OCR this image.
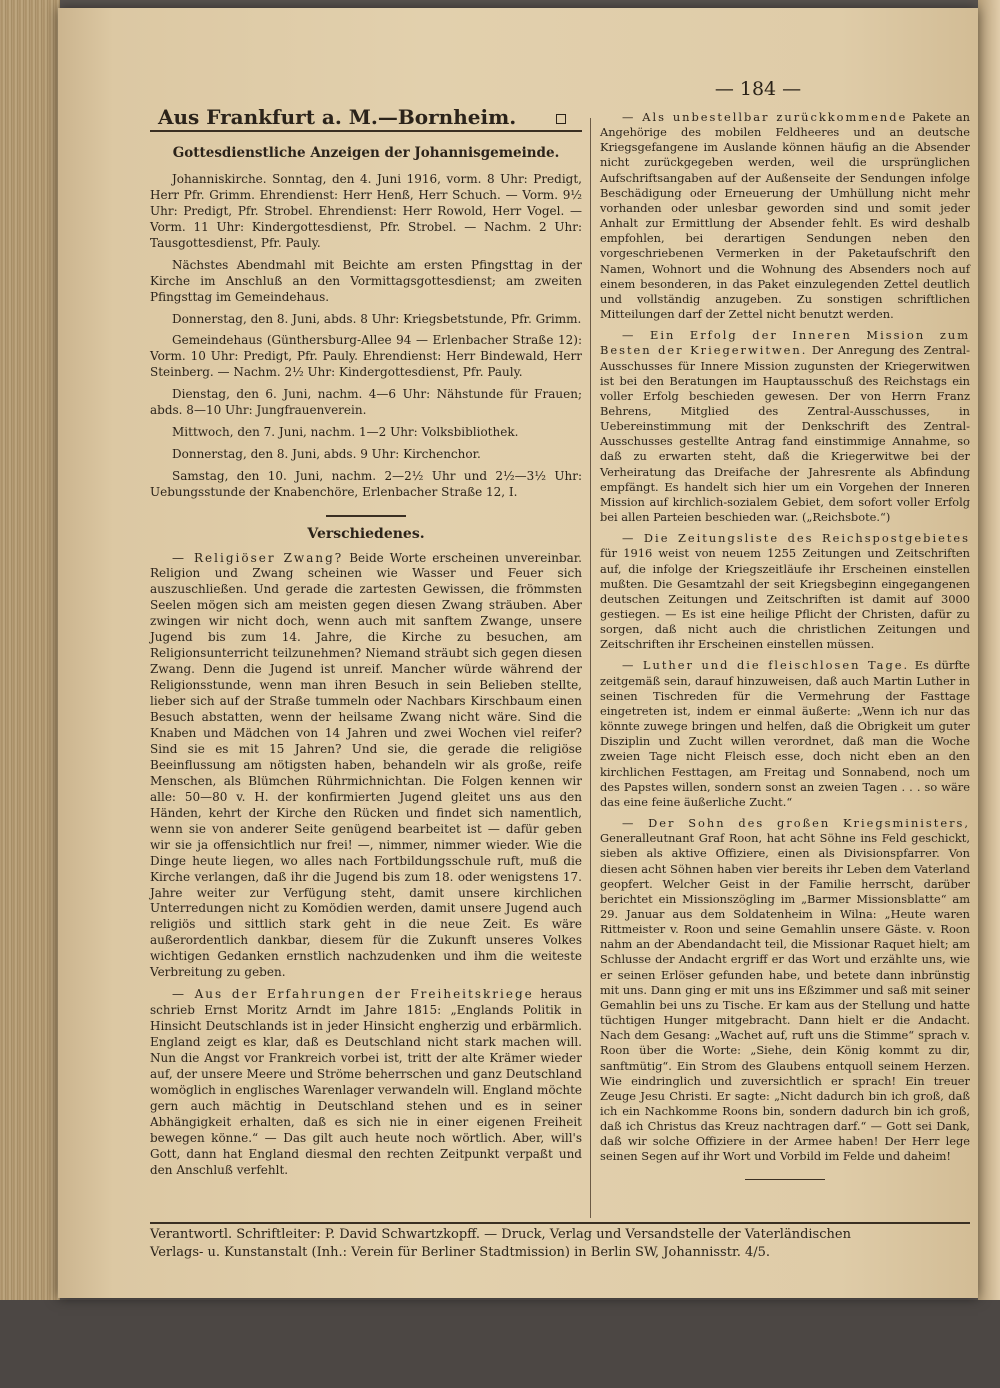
— 184 —
Aus Frankfurt a. M.—Bornheim.
Gottesdienstliche Anzeigen der Johannisgemeinde.

Johanniskirche. Sonntag, den 4. Juni 1916, vorm. 8 Uhr: Predigt, Herr Pfr. Grimm. Ehrendienst: Herr Henß, Herr Schuch. — Vorm. 9½ Uhr: Predigt, Pfr. Strobel. Ehrendienst: Herr Rowold, Herr Vogel. — Vorm. 11 Uhr: Kindergottesdienst, Pfr. Strobel. — Nachm. 2 Uhr: Tausgottesdienst, Pfr. Pauly.

Nächstes Abendmahl mit Beichte am ersten Pfingsttag in der Kirche im Anschluß an den Vormittagsgottesdienst; am zweiten Pfingsttag im Gemeindehaus.

Donnerstag, den 8. Juni, abds. 8 Uhr: Kriegsbetstunde, Pfr. Grimm.

Gemeindehaus (Günthersburg-Allee 94 — Erlenbacher Straße 12): Vorm. 10 Uhr: Predigt, Pfr. Pauly. Ehrendienst: Herr Bindewald, Herr Steinberg. — Nachm. 2½ Uhr: Kindergottesdienst, Pfr. Pauly.

Dienstag, den 6. Juni, nachm. 4—6 Uhr: Nähstunde für Frauen; abds. 8—10 Uhr: Jungfrauenverein.

Mittwoch, den 7. Juni, nachm. 1—2 Uhr: Volksbibliothek.

Donnerstag, den 8. Juni, abds. 9 Uhr: Kirchenchor.

Samstag, den 10. Juni, nachm. 2—2½ Uhr und 2½—3½ Uhr: Uebungsstunde der Knabenchöre, Erlenbacher Straße 12, I.

Verschiedenes.

— Religiöser Zwang? Beide Worte erscheinen unvereinbar. Religion und Zwang scheinen wie Wasser und Feuer sich auszuschließen. Und gerade die zartesten Gewissen, die frömmsten Seelen mögen sich am meisten gegen diesen Zwang sträuben. Aber zwingen wir nicht doch, wenn auch mit sanftem Zwange, unsere Jugend bis zum 14. Jahre, die Kirche zu besuchen, am Religionsunterricht teilzunehmen? Niemand sträubt sich gegen diesen Zwang. Denn die Jugend ist unreif. Mancher würde während der Religionsstunde, wenn man ihren Besuch in sein Belieben stellte, lieber sich auf der Straße tummeln oder Nachbars Kirschbaum einen Besuch abstatten, wenn der heilsame Zwang nicht wäre. Sind die Knaben und Mädchen von 14 Jahren und zwei Wochen viel reifer? Sind sie es mit 15 Jahren? Und sie, die gerade die religiöse Beeinflussung am nötigsten haben, behandeln wir als große, reife Menschen, als Blümchen Rührmichnichtan. Die Folgen kennen wir alle: 50—80 v. H. der konfirmierten Jugend gleitet uns aus den Händen, kehrt der Kirche den Rücken und findet sich namentlich, wenn sie von anderer Seite genügend bearbeitet ist — dafür geben wir sie ja offensichtlich nur frei! —, nimmer, nimmer wieder. Wie die Dinge heute liegen, wo alles nach Fortbildungsschule ruft, muß die Kirche verlangen, daß ihr die Jugend bis zum 18. oder wenigstens 17. Jahre weiter zur Verfügung steht, damit unsere kirchlichen Unterredungen nicht zu Komödien werden, damit unsere Jugend auch religiös und sittlich stark geht in die neue Zeit. Es wäre außerordentlich dankbar, diesem für die Zukunft unseres Volkes wichtigen Gedanken ernstlich nachzudenken und ihm die weiteste Verbreitung zu geben.

— Aus der Erfahrungen der Freiheitskriege heraus schrieb Ernst Moritz Arndt im Jahre 1815: „Englands Politik in Hinsicht Deutschlands ist in jeder Hinsicht engherzig und erbärmlich. England zeigt es klar, daß es Deutschland nicht stark machen will. Nun die Angst vor Frankreich vorbei ist, tritt der alte Krämer wieder auf, der unsere Meere und Ströme beherrschen und ganz Deutschland womöglich in englisches Warenlager verwandeln will. England möchte gern auch mächtig in Deutschland stehen und es in seiner Abhängigkeit erhalten, daß es sich nie in einer eigenen Freiheit bewegen könne.“ — Das gilt auch heute noch wörtlich. Aber, will's Gott, dann hat England diesmal den rechten Zeitpunkt verpaßt und den Anschluß verfehlt.

— Als unbestellbar zurückkommende Pakete an Angehörige des mobilen Feldheeres und an deutsche Kriegsgefangene im Auslande können häufig an die Absender nicht zurückgegeben werden, weil die ursprünglichen Aufschriftsangaben auf der Außenseite der Sendungen infolge Beschädigung oder Erneuerung der Umhüllung nicht mehr vorhanden oder unlesbar geworden sind und somit jeder Anhalt zur Ermittlung der Absender fehlt. Es wird deshalb empfohlen, bei derartigen Sendungen neben den vorgeschriebenen Vermerken in der Paketaufschrift den Namen, Wohnort und die Wohnung des Absenders noch auf einem besonderen, in das Paket einzulegenden Zettel deutlich und vollständig anzugeben. Zu sonstigen schriftlichen Mitteilungen darf der Zettel nicht benutzt werden.

— Ein Erfolg der Inneren Mission zum Besten der Kriegerwitwen. Der Anregung des Zentral-Ausschusses für Innere Mission zugunsten der Kriegerwitwen ist bei den Beratungen im Hauptausschuß des Reichstags ein voller Erfolg beschieden gewesen. Der von Herrn Franz Behrens, Mitglied des Zentral-Ausschusses, in Uebereinstimmung mit der Denkschrift des Zentral-Ausschusses gestellte Antrag fand einstimmige Annahme, so daß zu erwarten steht, daß die Kriegerwitwe bei der Verheiratung das Dreifache der Jahresrente als Abfindung empfängt. Es handelt sich hier um ein Vorgehen der Inneren Mission auf kirchlich-sozialem Gebiet, dem sofort voller Erfolg bei allen Parteien beschieden war. („Reichsbote.“)

— Die Zeitungsliste des Reichspostgebietes für 1916 weist von neuem 1255 Zeitungen und Zeitschriften auf, die infolge der Kriegszeitläufe ihr Erscheinen einstellen mußten. Die Gesamtzahl der seit Kriegsbeginn eingegangenen deutschen Zeitungen und Zeitschriften ist damit auf 3000 gestiegen. — Es ist eine heilige Pflicht der Christen, dafür zu sorgen, daß nicht auch die christlichen Zeitungen und Zeitschriften ihr Erscheinen einstellen müssen.

— Luther und die fleischlosen Tage. Es dürfte zeitgemäß sein, darauf hinzuweisen, daß auch Martin Luther in seinen Tischreden für die Vermehrung der Fasttage eingetreten ist, indem er einmal äußerte: „Wenn ich nur das könnte zuwege bringen und helfen, daß die Obrigkeit um guter Disziplin und Zucht willen verordnet, daß man die Woche zweien Tage nicht Fleisch esse, doch nicht eben an den kirchlichen Festtagen, am Freitag und Sonnabend, noch um des Papstes willen, sondern sonst an zweien Tagen . . . so wäre das eine feine äußerliche Zucht.“

— Der Sohn des großen Kriegsministers, Generalleutnant Graf Roon, hat acht Söhne ins Feld geschickt, sieben als aktive Offiziere, einen als Divisionspfarrer. Von diesen acht Söhnen haben vier bereits ihr Leben dem Vaterland geopfert. Welcher Geist in der Familie herrscht, darüber berichtet ein Missionszögling im „Barmer Missionsblatte“ am 29. Januar aus dem Soldatenheim in Wilna: „Heute waren Rittmeister v. Roon und seine Gemahlin unsere Gäste. v. Roon nahm an der Abendandacht teil, die Missionar Raquet hielt; am Schlusse der Andacht ergriff er das Wort und erzählte uns, wie er seinen Erlöser gefunden habe, und betete dann inbrünstig mit uns. Dann ging er mit uns ins Eßzimmer und saß mit seiner Gemahlin bei uns zu Tische. Er kam aus der Stellung und hatte tüchtigen Hunger mitgebracht. Dann hielt er die Andacht. Nach dem Gesang: „Wachet auf, ruft uns die Stimme“ sprach v. Roon über die Worte: „Siehe, dein König kommt zu dir, sanftmütig“. Ein Strom des Glaubens entquoll seinem Herzen. Wie eindringlich und zuversichtlich er sprach! Ein treuer Zeuge Jesu Christi. Er sagte: „Nicht dadurch bin ich groß, daß ich ein Nachkomme Roons bin, sondern dadurch bin ich groß, daß ich Christus das Kreuz nachtragen darf.“ — Gott sei Dank, daß wir solche Offiziere in der Armee haben! Der Herr lege seinen Segen auf ihr Wort und Vorbild im Felde und daheim!

Verantwortl. Schriftleiter: P. David Schwartzkopff. — Druck, Verlag und Versandstelle der Vaterländischen
Verlags- u. Kunstanstalt (Inh.: Verein für Berliner Stadtmission) in Berlin SW, Johannisstr. 4/5.
